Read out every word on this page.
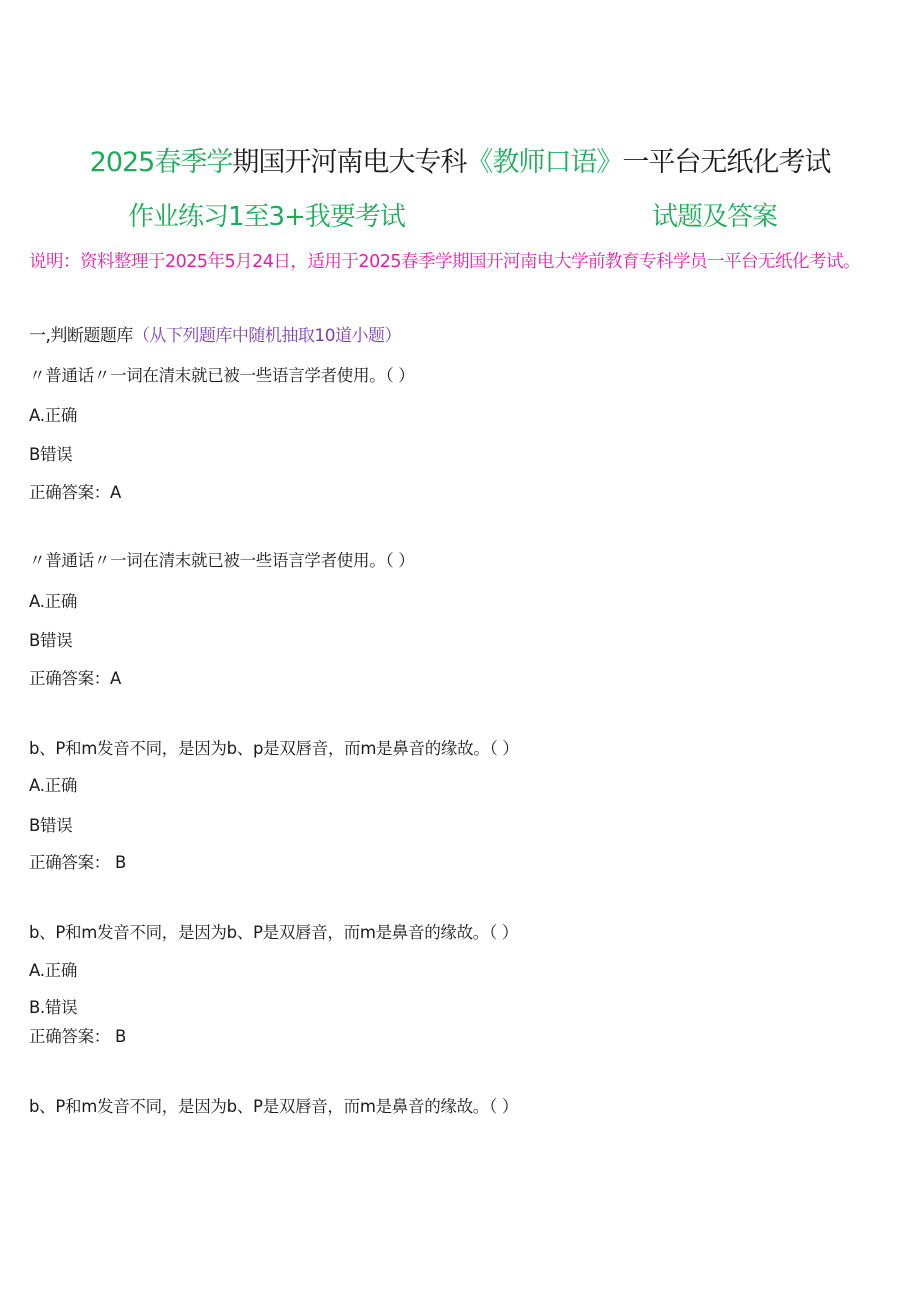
2025春季学期国开河南电大专科《教师口语》一平台无纸化考试
作业练习1至3+我要考试	试题及答案
说明：资料整理于2025年5月24日，适用于2025春季学期国开河南电大学前教育专科学员一平台无纸化考试。
一,判断题题库（从下列题库中随机抽取10道小题）
〃普通话〃一词在清末就已被一些语言学者使用。（ ）
A.正确
B错误
正确答案：A
〃普通话〃一词在清末就已被一些语言学者使用。（ ）
A.正确
B错误
正确答案：A
b、P和m发音不同，是因为b、p是双唇音，而m是鼻音的缘故。（ ）
A.正确
B错误
正确答案： B
b、P和m发音不同，是因为b、P是双唇音，而m是鼻音的缘故。（ ）
A.正确
B.错误
正确答案： B
b、P和m发音不同，是因为b、P是双唇音，而m是鼻音的缘故。（ ）
